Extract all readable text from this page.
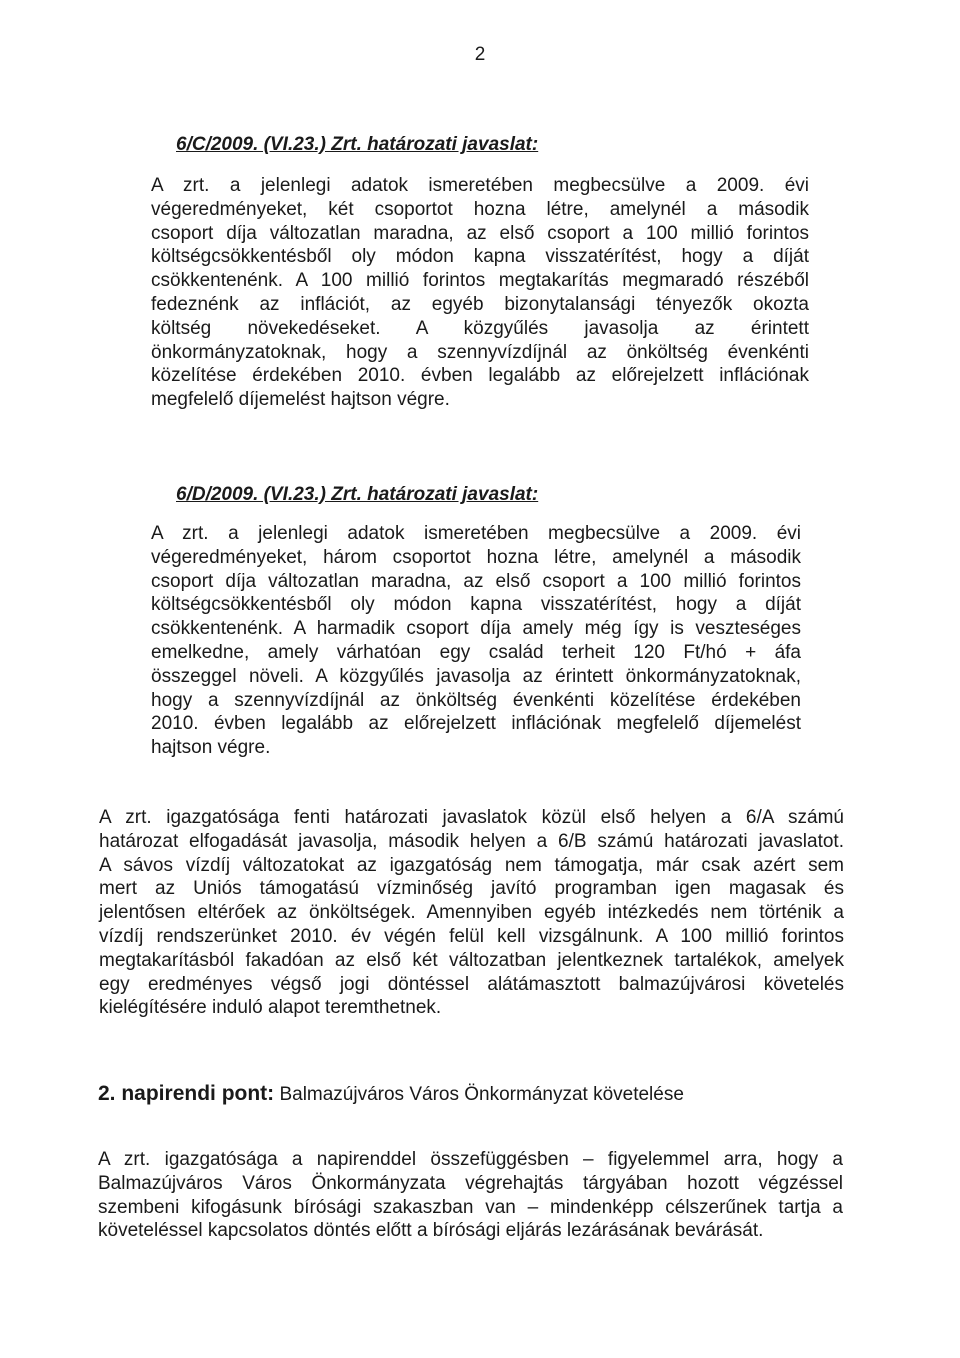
2
6/C/2009. (VI.23.) Zrt. határozati javaslat:
A zrt. a jelenlegi adatok ismeretében megbecsülve a 2009. évi
végeredményeket, két csoportot hozna létre, amelynél a második
csoport díja változatlan maradna, az első csoport a 100 millió forintos
költségcsökkentésből oly módon kapna visszatérítést, hogy a díját
csökkentenénk. A 100 millió forintos megtakarítás megmaradó részéből
fedeznénk az inflációt, az egyéb bizonytalansági tényezők okozta
költség növekedéseket. A közgyűlés javasolja az érintett
önkormányzatoknak, hogy a szennyvízdíjnál az önköltség évenkénti
közelítése érdekében 2010. évben legalább az előrejelzett inflációnak
megfelelő díjemelést hajtson végre.
6/D/2009. (VI.23.) Zrt. határozati javaslat:
A zrt. a jelenlegi adatok ismeretében megbecsülve a 2009. évi
végeredményeket, három csoportot hozna létre, amelynél a második
csoport díja változatlan maradna, az első csoport a 100 millió forintos
költségcsökkentésből oly módon kapna visszatérítést, hogy a díját
csökkentenénk. A harmadik csoport díja amely még így is veszteséges
emelkedne, amely várhatóan egy család terheit 120 Ft/hó + áfa
összeggel növeli. A közgyűlés javasolja az érintett önkormányzatoknak,
hogy a szennyvízdíjnál az önköltség évenkénti közelítése érdekében
2010. évben legalább az előrejelzett inflációnak megfelelő díjemelést
hajtson végre.
A zrt. igazgatósága fenti határozati javaslatok közül első helyen a 6/A számú
határozat elfogadását javasolja, második helyen a 6/B számú határozati javaslatot.
A sávos vízdíj változatokat az igazgatóság nem támogatja, már csak azért sem
mert az Uniós támogatású vízminőség javító programban igen magasak és
jelentősen eltérőek az önköltségek. Amennyiben egyéb intézkedés nem történik a
vízdíj rendszerünket 2010. év végén felül kell vizsgálnunk. A 100 millió forintos
megtakarításból fakadóan az első két változatban jelentkeznek tartalékok, amelyek
egy eredményes végső jogi döntéssel alátámasztott balmazújvárosi követelés
kielégítésére induló alapot teremthetnek.
2. napirendi pont: Balmazújváros Város Önkormányzat követelése
A zrt. igazgatósága a napirenddel összefüggésben – figyelemmel arra, hogy a
Balmazújváros Város Önkormányzata végrehajtás tárgyában hozott végzéssel
szembeni kifogásunk bírósági szakaszban van – mindenképp célszerűnek tartja a
követeléssel kapcsolatos döntés előtt a bírósági eljárás lezárásának bevárását.
